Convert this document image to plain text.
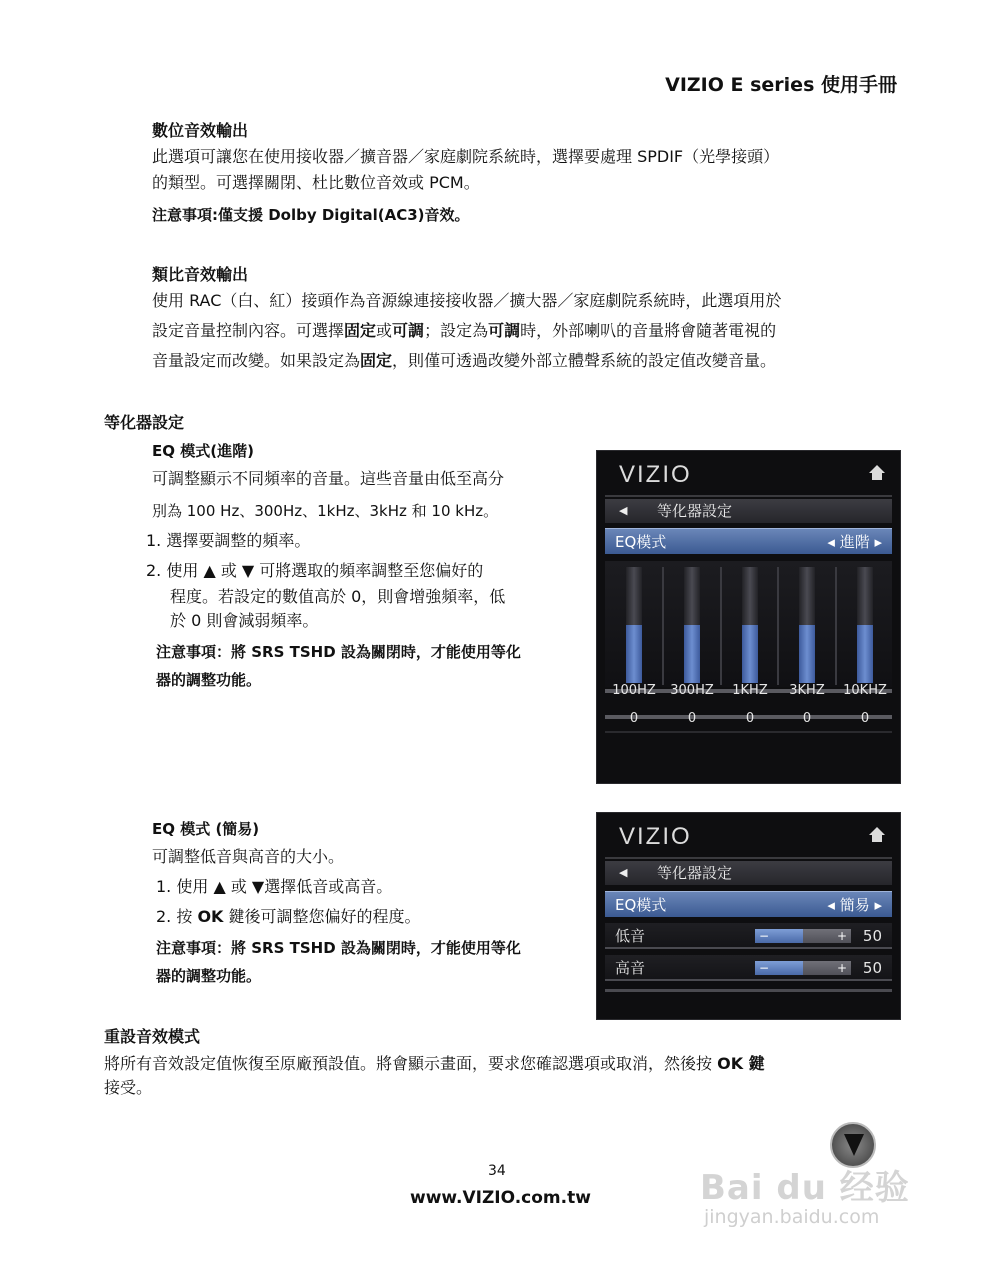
VIZIO E series 使用手冊
數位音效輸出
此選項可讓您在使用接收器／擴音器／家庭劇院系統時，選擇要處理 SPDIF（光學接頭）
的類型。可選擇關閉、杜比數位音效或 PCM。
注意事項:僅支援 Dolby Digital(AC3)音效。
類比音效輸出
使用 RAC（白、紅）接頭作為音源線連接接收器／擴大器／家庭劇院系統時，此選項用於
設定音量控制內容。可選擇固定或可調；設定為可調時，外部喇叭的音量將會隨著電視的
音量設定而改變。如果設定為固定，則僅可透過改變外部立體聲系統的設定值改變音量。
等化器設定
EQ 模式(進階)
可調整顯示不同頻率的音量。這些音量由低至高分
別為 100 Hz、300Hz、1kHz、3kHz 和 10 kHz。
1. 選擇要調整的頻率。
2. 使用 ▲ 或 ▼ 可將選取的頻率調整至您偏好的
程度。若設定的數值高於 0，則會增強頻率，低
於 0 則會減弱頻率。
注意事項：將 SRS TSHD 設為關閉時，才能使用等化
器的調整功能。
VIZIO
◀ 等化器設定
EQ模式	◂ 進階 ▸
100HZ
0
300HZ
0
1KHZ
0
3KHZ
0
10KHZ
0
EQ 模式 (簡易)
可調整低音與高音的大小。
1. 使用 ▲ 或 ▼選擇低音或高音。
2. 按 OK 鍵後可調整您偏好的程度。
注意事項：將 SRS TSHD 設為關閉時，才能使用等化
器的調整功能。
VIZIO
◀ 等化器設定
EQ模式	◂ 簡易 ▸
低音	−	+ 50
高音	−	+ 50
重設音效模式
將所有音效設定值恢復至原廠預設值。將會顯示畫面，要求您確認選項或取消，然後按 OK 鍵
接受。
34
www.VIZIO.com.tw	Bai du 经验
jingyan.baidu.com
